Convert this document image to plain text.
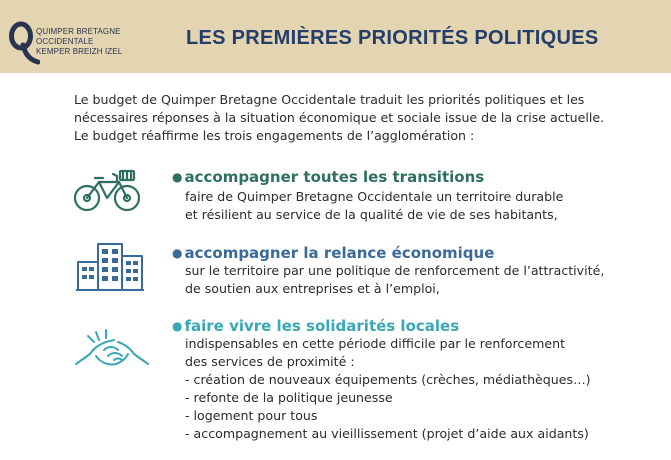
QUIMPER BRETAGNE
OCCIDENTALE
KEMPER BREIZH IZEL
LES PREMIÈRES PRIORITÉS POLITIQUES
Le budget de Quimper Bretagne Occidentale traduit les priorités politiques et les
nécessaires réponses à la situation économique et sociale issue de la crise actuelle.
Le budget réaffirme les trois engagements de l’agglomération :
● accompagner toutes les transitions
faire de Quimper Bretagne Occidentale un territoire durable
et résilient au service de la qualité de vie de ses habitants,
● accompagner la relance économique
sur le territoire par une politique de renforcement de l’attractivité,
de soutien aux entreprises et à l’emploi,
● faire vivre les solidarités locales
indispensables en cette période difficile par le renforcement
des services de proximité :
- création de nouveaux équipements (crèches, médiathèques…)
- refonte de la politique jeunesse
- logement pour tous
- accompagnement au vieillissement (projet d’aide aux aidants)
